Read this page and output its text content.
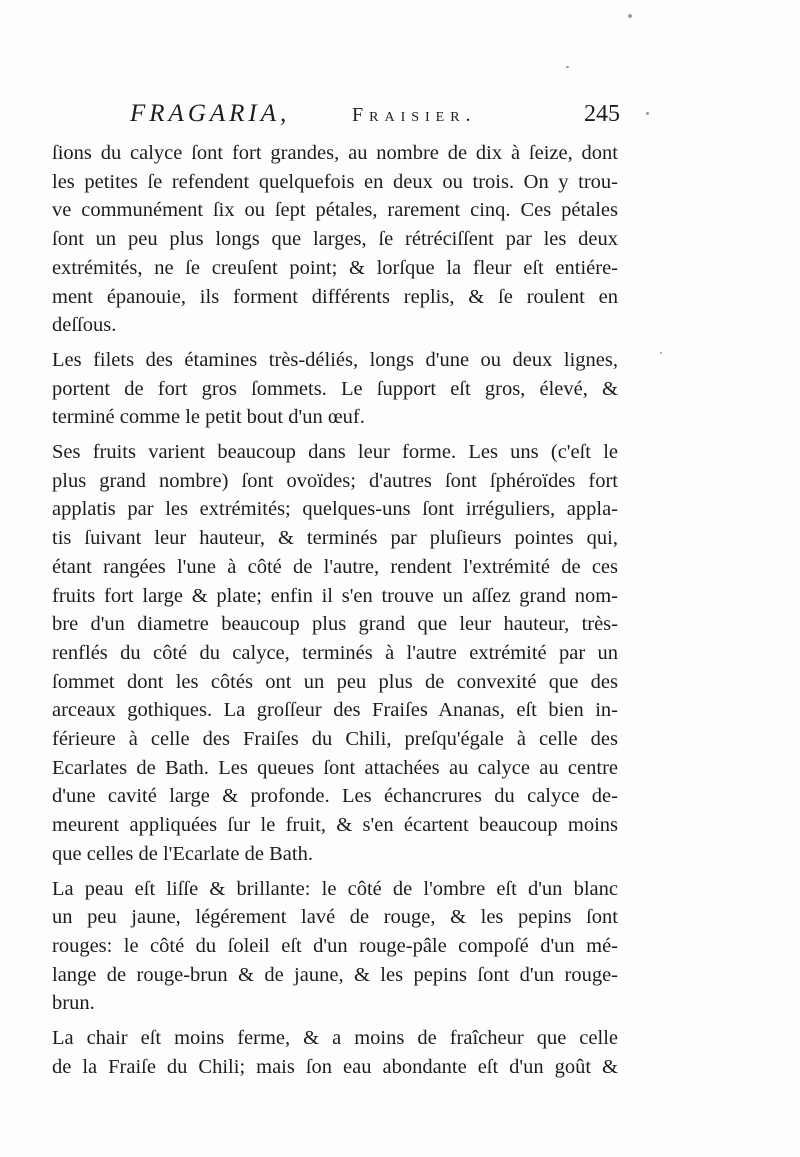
FRAGARIA,	Fraisier.	245
ſions du calyce ſont fort grandes, au nombre de dix à ſeize, dont
les petites ſe refendent quelquefois en deux ou trois. On y trou-
ve communément ſix ou ſept pétales, rarement cinq. Ces pétales
ſont un peu plus longs que larges, ſe rétréciſſent par les deux
extrémités, ne ſe creuſent point; & lorſque la fleur eſt entiére-
ment épanouie, ils forment différents replis, & ſe roulent en
deſſous.
Les filets des étamines très-déliés, longs d'une ou deux lignes,
portent de fort gros ſommets. Le ſupport eſt gros, élevé, &
terminé comme le petit bout d'un œuf.
Ses fruits varient beaucoup dans leur forme. Les uns (c'eſt le
plus grand nombre) ſont ovoïdes; d'autres ſont ſphéroïdes fort
applatis par les extrémités; quelques-uns ſont irréguliers, appla-
tis ſuivant leur hauteur, & terminés par pluſieurs pointes qui,
étant rangées l'une à côté de l'autre, rendent l'extrémité de ces
fruits fort large & plate; enfin il s'en trouve un aſſez grand nom-
bre d'un diametre beaucoup plus grand que leur hauteur, très-
renflés du côté du calyce, terminés à l'autre extrémité par un
ſommet dont les côtés ont un peu plus de convexité que des
arceaux gothiques. La groſſeur des Fraiſes Ananas, eſt bien in-
férieure à celle des Fraiſes du Chili, preſqu'égale à celle des
Ecarlates de Bath. Les queues ſont attachées au calyce au centre
d'une cavité large & profonde. Les échancrures du calyce de-
meurent appliquées ſur le fruit, & s'en écartent beaucoup moins
que celles de l'Ecarlate de Bath.
La peau eſt liſſe & brillante: le côté de l'ombre eſt d'un blanc
un peu jaune, légérement lavé de rouge, & les pepins ſont
rouges: le côté du ſoleil eſt d'un rouge-pâle compoſé d'un mé-
lange de rouge-brun & de jaune, & les pepins ſont d'un rouge-
brun.
La chair eſt moins ferme, & a moins de fraîcheur que celle
de la Fraiſe du Chili; mais ſon eau abondante eſt d'un goût &
